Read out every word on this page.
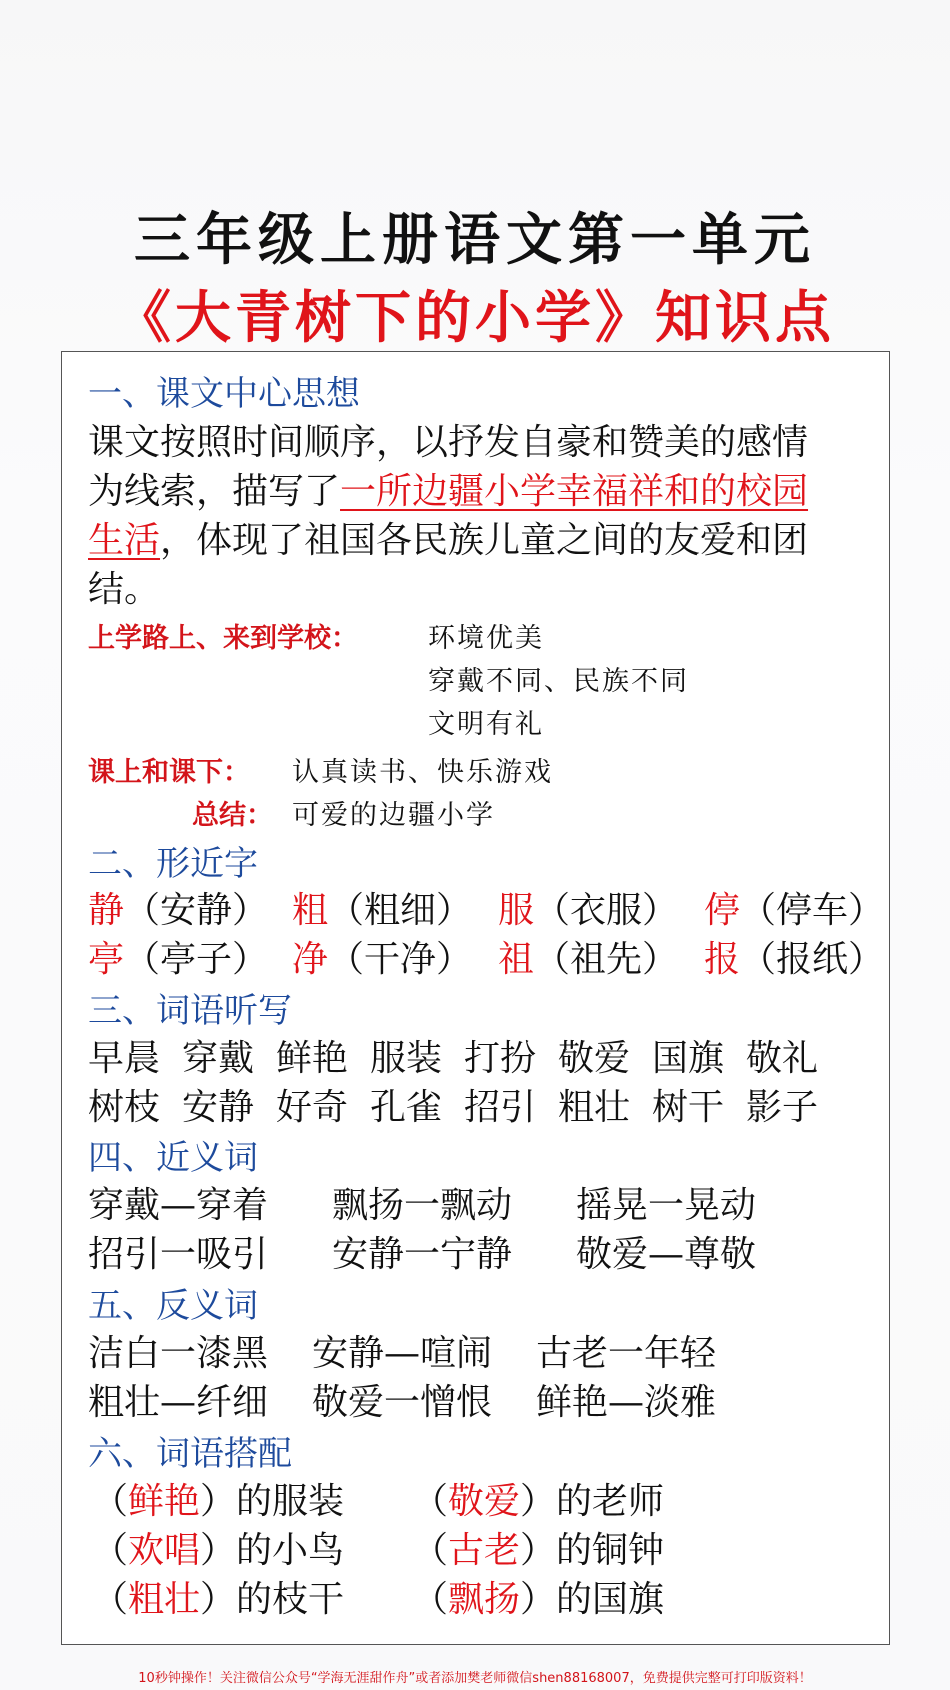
三年级上册语文第一单元
《大青树下的小学》知识点
一、课文中心思想
课文按照时间顺序，以抒发自豪和赞美的感情
为线索，描写了一所边疆小学幸福祥和的校园
生活，体现了祖国各民族儿童之间的友爱和团
结。
上学路上、来到学校：	环境优美
穿戴不同、民族不同
文明有礼
课上和课下： 认真读书、快乐游戏
总结： 可爱的边疆小学
二、形近字
静（安静） 粗（粗细） 服（衣服） 停（停车）
亭（亭子） 净（干净） 祖（祖先） 报（报纸）
三、词语听写
早晨 穿戴 鲜艳 服装 打扮 敬爱 国旗 敬礼
树枝 安静 好奇 孔雀 招引 粗壮 树干 影子
四、近义词
穿戴—穿着 飘扬一飘动 摇晃一晃动
招引一吸引 安静一宁静 敬爱—尊敬
五、反义词
洁白一漆黑 安静—喧闹 古老一年轻
粗壮—纤细 敬爱一憎恨 鲜艳—淡雅
六、词语搭配
（鲜艳）的服装 （敬爱）的老师
（欢唱）的小鸟 （古老）的铜钟
（粗壮）的枝干 （飘扬）的国旗
10秒钟操作！关注微信公众号“学海无涯甜作舟”或者添加樊老师微信shen88168007，免费提供完整可打印版资料！
